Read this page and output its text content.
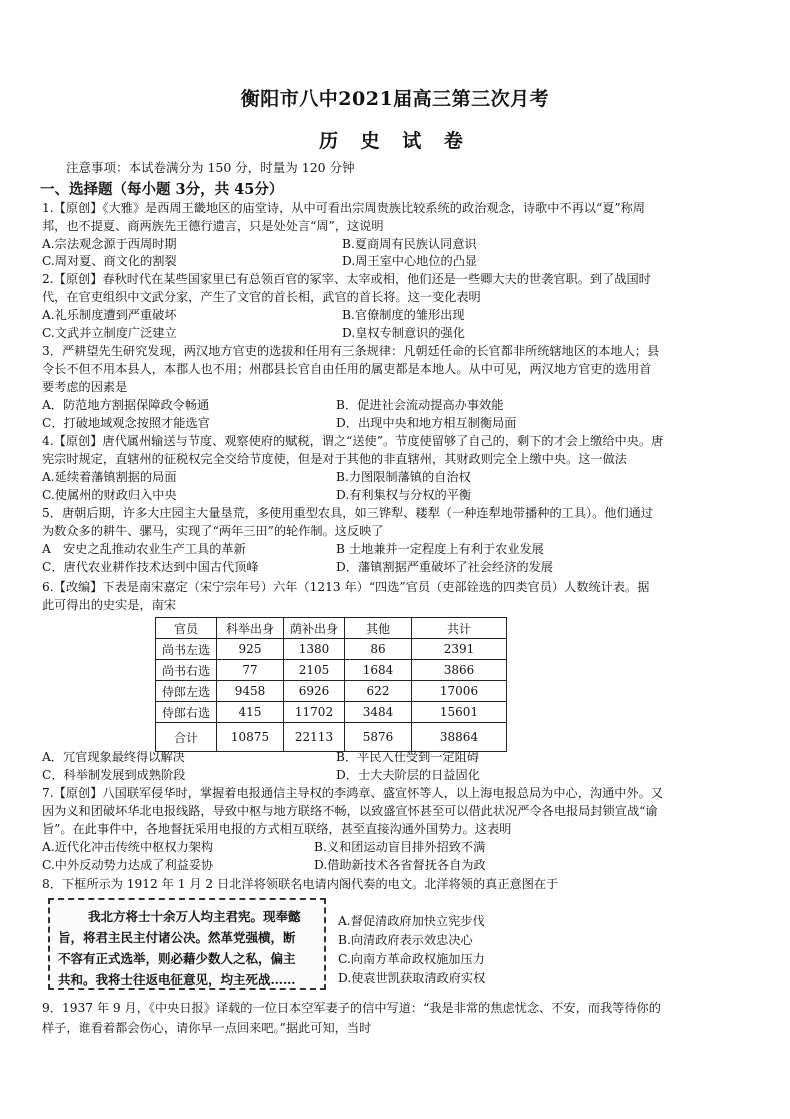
衡阳市八中2021届高三第三次月考
历 史 试 卷
注意事项：本试卷满分为 150 分，时量为 120 分钟
一、选择题（每小题 3分，共 45分）
1.【原创】《大雅》是西周王畿地区的庙堂诗，从中可看出宗周贵族比较系统的政治观念，诗歌中不再以“夏”称周
邦，也不提夏、商两族先王德行遗言，只是处处言“周”，这说明
A.宗法观念源于西周时期	B.夏商周有民族认同意识
C.周对夏、商文化的割裂	D.周王室中心地位的凸显
2.【原创】春秋时代在某些国家里已有总领百官的冢宰、太宰或相，他们还是一些卿大夫的世袭官职。到了战国时
代，在官吏组织中文武分家，产生了文官的首长相，武官的首长将。这一变化表明
A.礼乐制度遭到严重破坏	B.官僚制度的雏形出现
C.文武并立制度广泛建立	D.皇权专制意识的强化
3．严耕望先生研究发现，两汉地方官吏的选拔和任用有三条规律：凡朝廷任命的长官都非所统辖地区的本地人；县
令长不但不用本县人，本郡人也不用；州郡县长官自由任用的属吏都是本地人。从中可见，两汉地方官吏的选用首
要考虑的因素是
A．防范地方割据保障政令畅通	B．促进社会流动提高办事效能
C．打破地域观念按照才能选官	D．出现中央和地方相互制衡局面
4.【原创】唐代属州输送与节度、观察使府的赋税，谓之“送使”。节度使留够了自己的，剩下的才会上缴给中央。唐
宪宗时规定，直辖州的征税权完全交给节度使，但是对于其他的非直辖州，其财政则完全上缴中央。这一做法
A.延续着藩镇割据的局面	B.力图限制藩镇的自治权
C.使属州的财政归入中央	D.有利集权与分权的平衡
5．唐朝后期，许多大庄园主大量垦荒，多使用重型农具，如三铧犁、耧犁（一种连犁地带播种的工具）。他们通过
为数众多的耕牛、骡马，实现了“两年三田”的轮作制。这反映了
A　安史之乱推动农业生产工具的革新	B 土地兼并一定程度上有利于农业发展
C．唐代农业耕作技术达到中国古代顶峰	D．藩镇割据严重破坏了社会经济的发展
6.【改编】下表是南宋嘉定（宋宁宗年号）六年（1213 年）“四选”官员（吏部铨选的四类官员）人数统计表。据
此可得出的史实是，南宋
官员	科举出身	荫补出身	其他	共计
尚书左选	925	1380	86	2391
尚书右选	77	2105	1684	3866
侍郎左选	9458	6926	622	17006
侍郎右选	415	11702	3484	15601
合计	10875	22113	5876	38864
A．冗官现象最终得以解决	B．平民入仕受到一定阻碍
C．科举制发展到成熟阶段	D．士大夫阶层的日益固化
7.【原创】八国联军侵华时，掌握着电报通信主导权的李鸿章、盛宣怀等人，以上海电报总局为中心，沟通中外。又
因为义和团破坏华北电报线路，导致中枢与地方联络不畅，以致盛宣怀甚至可以借此状况严令各电报局封锁宣战“谕
旨”。在此事件中，各地督抚采用电报的方式相互联络，甚至直接沟通外国势力。这表明
A.近代化冲击传统中枢权力架构	B.义和团运动盲目排外招致不满
C.中外反动势力达成了利益妥协	D.借助新技术各省督抚各自为政
8．下框所示为 1912 年 1 月 2 日北洋将领联名电请内阁代奏的电文。北洋将领的真正意图在于
我北方将士十余万人均主君宪。现奉懿
旨，将君主民主付诸公决。然革党强横，断
不容有正式选举，则必藉少数人之私，偏主
共和。我将士往返电征意见，均主死战……
A.督促清政府加快立宪步伐
B.向清政府表示效忠决心
C.向南方革命政权施加压力
D.使袁世凯获取清政府实权
9．1937 年 9 月，《中央日报》译载的一位日本空军妻子的信中写道：“我是非常的焦虑忧念、不安，而我等待你的
样子，谁看着都会伤心，请你早一点回来吧。”据此可知，当时
